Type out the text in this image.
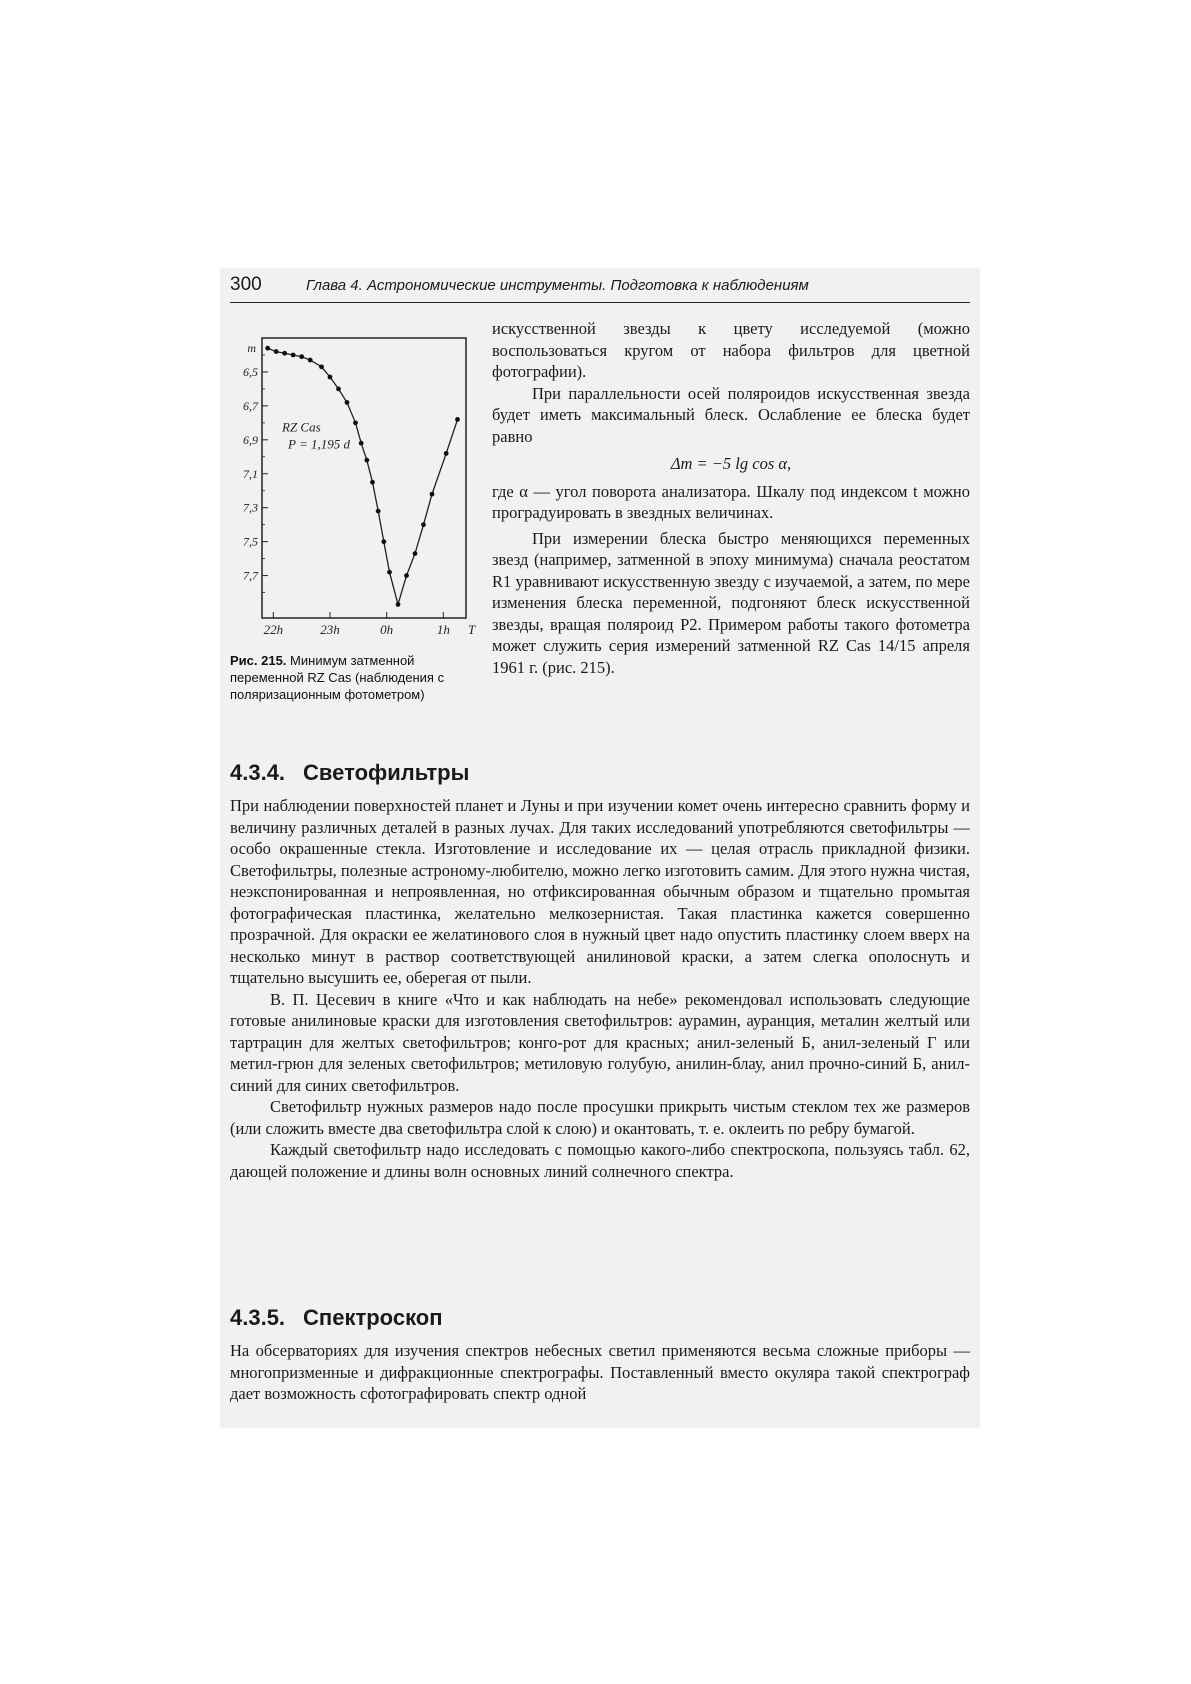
300	Глава 4. Астрономические инструменты. Подготовка к наблюдениям
6,5
6,7
6,9
7,1
7,3
7,5
7,7
m
22h	23h	0h	1h T
RZ Cas
P = 1,195 d
Рис. 215. Минимум затменной переменной RZ Cas (наблюдения с поляризационным фотометром)

искусственной звезды к цвету исследуемой (можно воспользоваться кругом от набора фильтров для цветной фотографии).

При параллельности осей поляроидов искусственная звезда будет иметь максимальный блеск. Ослабление ее блеска будет равно

Δm = −5 lg cos α,

где α — угол поворота анализатора. Шкалу под индексом t можно проградуировать в звездных величинах.

При измерении блеска быстро меняющихся переменных звезд (например, затменной в эпоху минимума) сначала реостатом R1 уравнивают искусственную звезду с изучаемой, а затем, по мере изменения блеска переменной, подгоняют блеск искусственной звезды, вращая поляроид P2. Примером работы такого фотометра может служить серия измерений затменной RZ Cas 14/15 апреля 1961 г. (рис. 215).

4.3.4. Светофильтры

При наблюдении поверхностей планет и Луны и при изучении комет очень интересно сравнить форму и величину различных деталей в разных лучах. Для таких исследований употребляются светофильтры — особо окрашенные стекла. Изготовление и исследование их — целая отрасль прикладной физики. Светофильтры, полезные астроному-любителю, можно легко изготовить самим. Для этого нужна чистая, неэкспонированная и непроявленная, но отфиксированная обычным образом и тщательно промытая фотографическая пластинка, желательно мелкозернистая. Такая пластинка кажется совершенно прозрачной. Для окраски ее желатинового слоя в нужный цвет надо опустить пластинку слоем вверх на несколько минут в раствор соответствующей анилиновой краски, а затем слегка ополоснуть и тщательно высушить ее, оберегая от пыли.

В. П. Цесевич в книге «Что и как наблюдать на небе» рекомендовал использовать следующие готовые анилиновые краски для изготовления светофильтров: аурамин, ауранция, металин желтый или тартрацин для желтых светофильтров; конго-рот для красных; анил-зеленый Б, анил-зеленый Г или метил-грюн для зеленых светофильтров; метиловую голубую, анилин-блау, анил прочно-синий Б, анил-синий для синих светофильтров.

Светофильтр нужных размеров надо после просушки прикрыть чистым стеклом тех же размеров (или сложить вместе два светофильтра слой к слою) и окантовать, т. е. оклеить по ребру бумагой.

Каждый светофильтр надо исследовать с помощью какого-либо спектроскопа, пользуясь табл. 62, дающей положение и длины волн основных линий солнечного спектра.

4.3.5. Спектроскоп

На обсерваториях для изучения спектров небесных светил применяются весьма сложные приборы — многопризменные и дифракционные спектрографы. Поставленный вместо окуляра такой спектрограф дает возможность сфотографировать спектр одной
